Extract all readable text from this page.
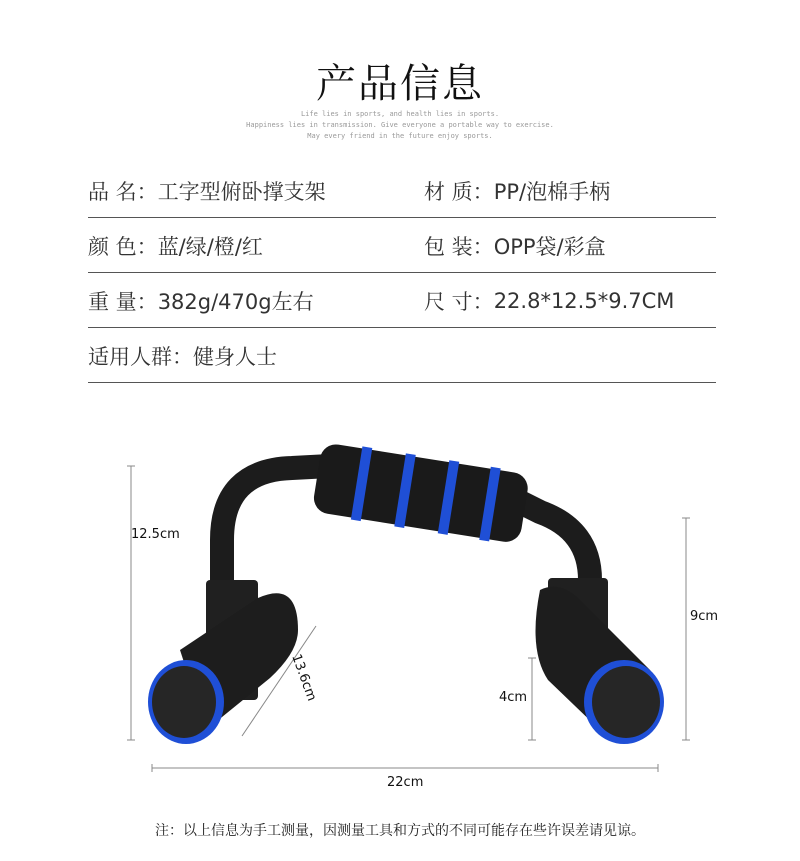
产品信息
Life lies in sports, and health lies in sports.
Happiness lies in transmission. Give everyone a portable way to exercise.
May every friend in the future enjoy sports.
品 名： 工字型俯卧撑支架	材 质： PP/泡棉手柄
颜 色： 蓝/绿/橙/红	包 装： OPP袋/彩盒
重 量： 382g/470g左右	尺 寸： 22.8*12.5*9.7CM
适用人群： 健身人士
12.5cm
9cm
4cm
22cm
13.6cm
注：以上信息为手工测量，因测量工具和方式的不同可能存在些许误差请见谅。
